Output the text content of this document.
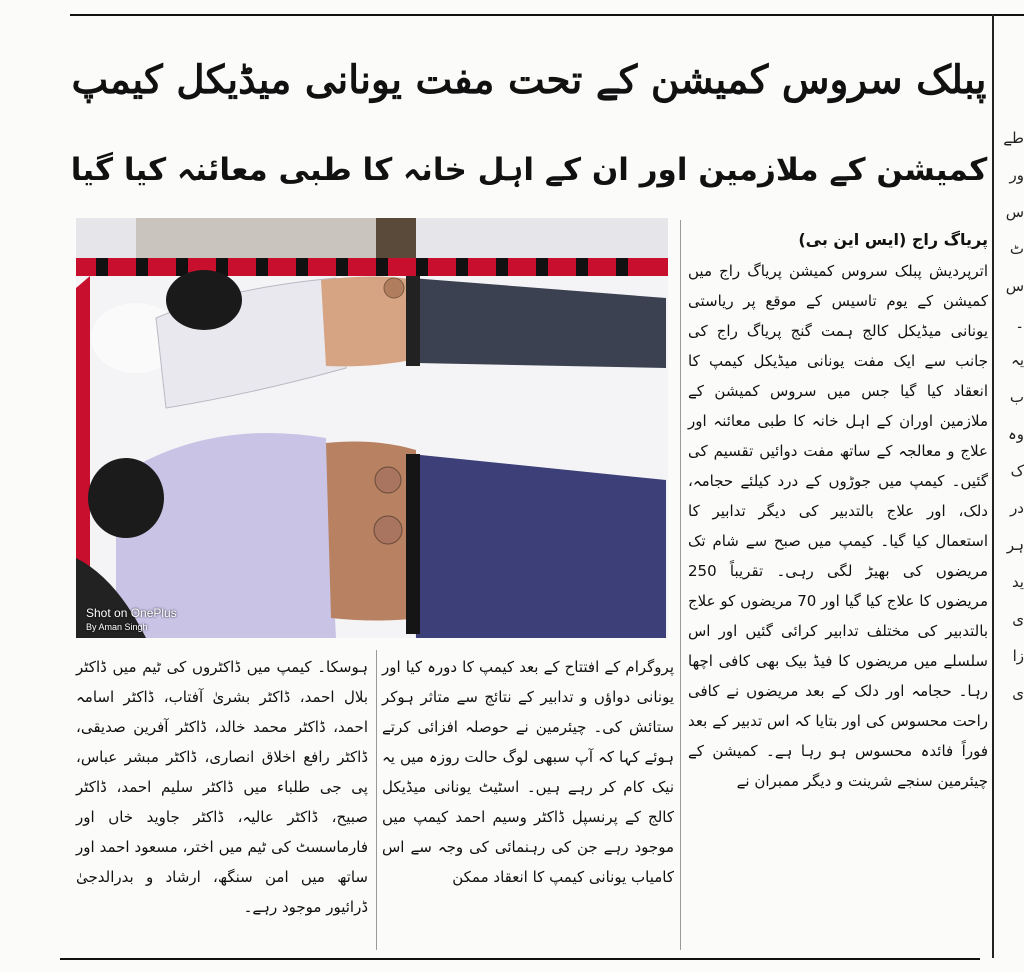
پبلک سروس کمیشن کے تحت مفت یونانی میڈیکل کیمپ
کمیشن کے ملازمین اور ان کے اہل خانہ کا طبی معائنہ کیا گیا
Shot on OnePlus
By Aman Singh
پریاگ راج (ایس این بی)

اترپردیش پبلک سروس کمیشن پریاگ راج میں کمیشن کے یوم تاسیس کے موقع پر ریاستی یونانی میڈیکل کالج ہمت گنج پریاگ راج کی جانب سے ایک مفت یونانی میڈیکل کیمپ کا انعقاد کیا گیا جس میں سروس کمیشن کے ملازمین اوران کے اہل خانہ کا طبی معائنہ اور علاج و معالجہ کے ساتھ مفت دوائیں تقسیم کی گئیں۔ کیمپ میں جوڑوں کے درد کیلئے حجامہ، دلک، اور علاج بالتدبیر کی دیگر تدابیر کا استعمال کیا گیا۔ کیمپ میں صبح سے شام تک مریضوں کی بھیڑ لگی رہی۔ تقریباً 250 مریضوں کا علاج کیا گیا اور 70 مریضوں کو علاج بالتدبیر کی مختلف تدابیر کرائی گئیں اور اس سلسلے میں مریضوں کا فیڈ بیک بھی کافی اچھا رہا۔ حجامہ اور دلک کے بعد مریضوں نے کافی راحت محسوس کی اور بتایا کہ اس تدبیر کے بعد فوراً فائدہ محسوس ہو رہا ہے۔ کمیشن کے چیئرمین سنجے شرینت و دیگر ممبران نے

پروگرام کے افتتاح کے بعد کیمپ کا دورہ کیا اور یونانی دواؤں و تدابیر کے نتائج سے متاثر ہوکر ستائش کی۔ چیئرمین نے حوصلہ افزائی کرتے ہوئے کہا کہ آپ سبھی لوگ حالت روزہ میں یہ نیک کام کر رہے ہیں۔ اسٹیٹ یونانی میڈیکل کالج کے پرنسپل ڈاکٹر وسیم احمد کیمپ میں موجود رہے جن کی رہنمائی کی وجہ سے اس کامیاب یونانی کیمپ کا انعقاد ممکن

ہوسکا۔ کیمپ میں ڈاکٹروں کی ٹیم میں ڈاکٹر بلال احمد، ڈاکٹر بشریٰ آفتاب، ڈاکٹر اسامہ احمد، ڈاکٹر محمد خالد، ڈاکٹر آفرین صدیقی، ڈاکٹر رافع اخلاق انصاری، ڈاکٹر مبشر عباس، پی جی طلباء میں ڈاکٹر سلیم احمد، ڈاکٹر صبیح، ڈاکٹر عالیہ، ڈاکٹر جاوید خاں اور فارماسسٹ کی ٹیم میں اختر، مسعود احمد اور ساتھ میں امن سنگھ، ارشاد و بدرالدجیٰ ڈرائیور موجود رہے۔

طے
ور
س
ٹ
س
۔
یہ
ب
وہ
ک
در
ہر
ید
ی
زا
ی
